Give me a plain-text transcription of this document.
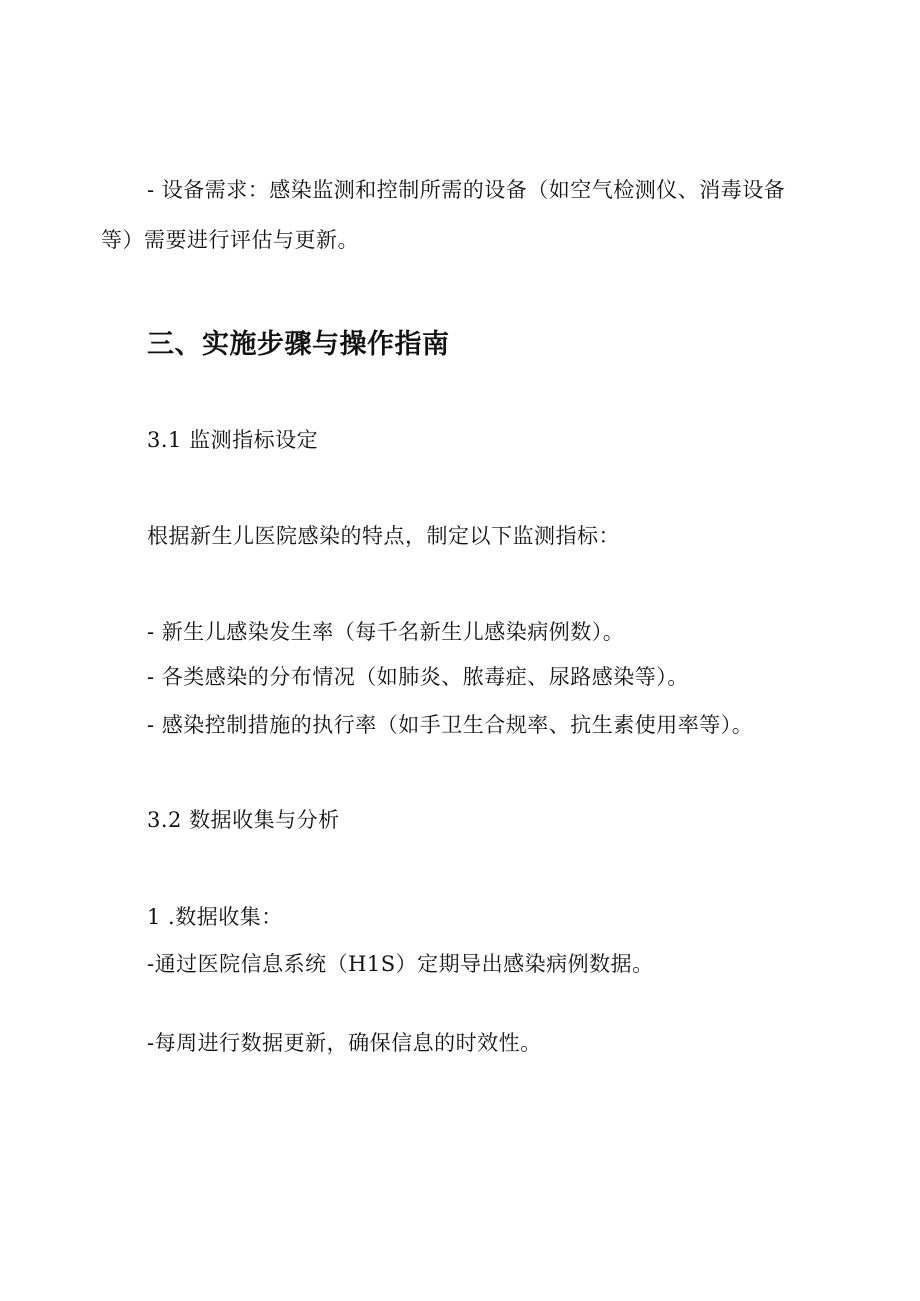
- 设备需求：感染监测和控制所需的设备（如空气检测仪、消毒设备
等）需要进行评估与更新。
三、实施步骤与操作指南
3.1 监测指标设定
根据新生儿医院感染的特点，制定以下监测指标：
- 新生儿感染发生率（每千名新生儿感染病例数）。
- 各类感染的分布情况（如肺炎、脓毒症、尿路感染等）。
- 感染控制措施的执行率（如手卫生合规率、抗生素使用率等）。
3.2 数据收集与分析
1 .数据收集：
-通过医院信息系统（H1S）定期导出感染病例数据。
-每周进行数据更新，确保信息的时效性。
